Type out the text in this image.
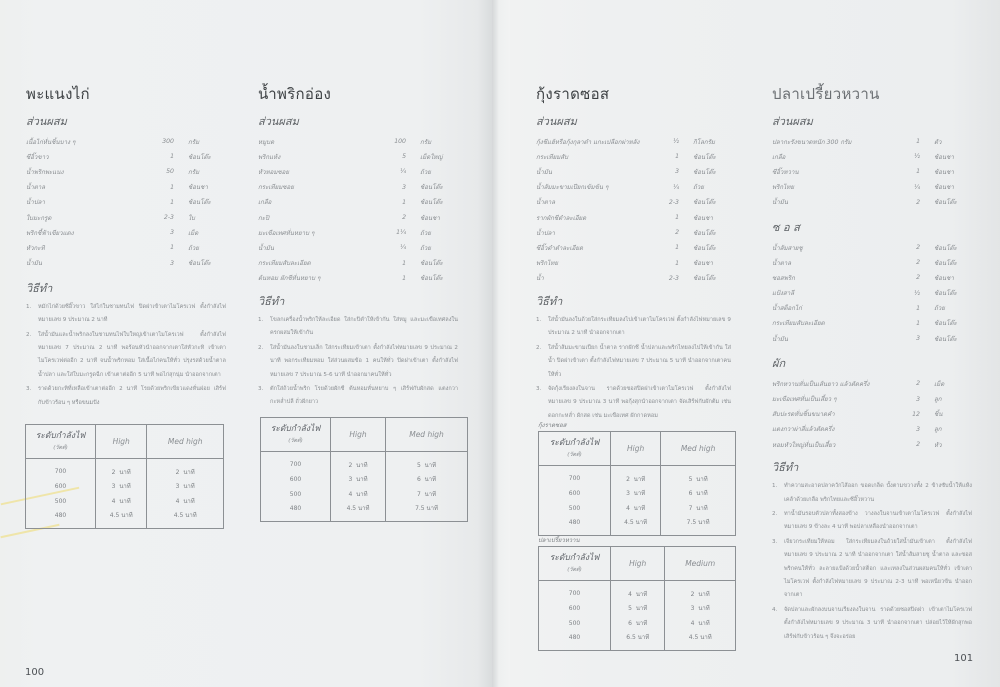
พะแนงไก่
ส่วนผสม
เนื้อไก่หั่นชิ้นบาง ๆ	300	กรัม
ซีอิ๊วขาว	1	ช้อนโต๊ะ
น้ำพริกพะแนง	50	กรัม
น้ำตาล	1	ช้อนชา
น้ำปลา	1	ช้อนโต๊ะ
ใบมะกรูด	2-3	ใบ
พริกชี้ฟ้าเขียวแดง	3	เม็ด
หัวกะทิ	1	ถ้วย
น้ำมัน	3	ช้อนโต๊ะ
วิธีทำ
1.	หมักไก่ด้วยซีอิ๊วขาว ใส่ไก่ในชามทนไฟ ปิดฝาเข้าเตาไมโครเวฟ ตั้งกำลังไฟหมายเลข 9 ประมาณ 2 นาที
2.	ใส่น้ำมันและน้ำพริกลงในชามทนไฟใบใหญ่เข้าเตาไมโครเวฟ ตั้งกำลังไฟหมายเลข 7 ประมาณ 2 นาที พอร้อนหัวนำออกจากเตาใส่หัวกะทิ เข้าเตาไมโครเวฟต่ออีก 2 นาที จนน้ำพริกหอม ใส่เนื้อไก่คนให้ทั่ว ปรุงรสด้วยน้ำตาล น้ำปลา และใส่ใบมะกรูดฉีก เข้าเตาต่ออีก 5 นาที พอไก่สุกนุ่ม นำออกจากเตา
3.	ราดด้วยกะทิที่เหลือเข้าเตาต่ออีก 2 นาที โรยด้วยพริกเขียวแดงหั่นฝอย เสิร์ฟกับข้าวร้อน ๆ หรือขนมปัง
ระดับกำลังไฟ
(วัตต์)	High	Med high
700	2 นาที	2 นาที
600	3 นาที	3 นาที
500	4 นาที	4 นาที
480	4.5 นาที	4.5 นาที
น้ำพริกอ่อง
ส่วนผสม
หมูบด	100	กรัม
พริกแห้ง	5	เม็ดใหญ่
หัวหอมซอย	¼	ถ้วย
กระเทียมซอย	3	ช้อนโต๊ะ
เกลือ	1	ช้อนโต๊ะ
กะปิ	2	ช้อนชา
มะเขือเทศหั่นหยาบ ๆ	1¼	ถ้วย
น้ำมัน	¼	ถ้วย
กระเทียมสับละเอียด	1	ช้อนโต๊ะ
ต้นหอม ผักชีหั่นหยาบ ๆ	1	ช้อนโต๊ะ
วิธีทำ
1.	โขลกเครื่องน้ำพริกให้ละเอียด ใส่กะปิตำให้เข้ากัน ใส่หมู และมะเขือเทศลงในครกผสมให้เข้ากัน
2.	ใส่น้ำมันลงในชามเล็ก ใส่กระเทียมเข้าเตา ตั้งกำลังไฟหมายเลข 9 ประมาณ 2 นาที พอกระเทียมหอม ใส่ส่วนผสมข้อ 1 คนให้ทั่ว ปิดฝาเข้าเตา ตั้งกำลังไฟหมายเลข 7 ประมาณ 5-6 นาที นำออกมาคนให้ทั่ว
3.	ตักใส่ถ้วยน้ำพริก โรยด้วยผักชี ต้นหอมหั่นหยาบ ๆ เสิร์ฟกับผักสด แตงกวา กะหล่ำปลี ถั่วฝักยาว
ระดับกำลังไฟ
(วัตต์)	High	Med high
700	2 นาที	5 นาที
600	3 นาที	6 นาที
500	4 นาที	7 นาที
480	4.5 นาที	7.5 นาที
100
กุ้งราดซอส
ส่วนผสม
กุ้งชีแฮ้หรือกุ้งกุลาดำ แกะเปลือกผ่าหลัง	½	กิโลกรัม
กระเทียมสับ	1	ช้อนโต๊ะ
น้ำมัน	3	ช้อนโต๊ะ
น้ำส้มมะขามเปียกเข้มข้น ๆ	¼	ถ้วย
น้ำตาล	2-3	ช้อนโต๊ะ
รากผักชีตำละเอียด	1	ช้อนชา
น้ำปลา	2	ช้อนโต๊ะ
ซีอิ๊วดำตำละเอียด	1	ช้อนโต๊ะ
พริกไทย	1	ช้อนชา
น้ำ	2-3	ช้อนโต๊ะ
วิธีทำ
1.	ใส่น้ำมันลงในถ้วยใส่กระเทียมลงไปเข้าเตาไมโครเวฟ ตั้งกำลังไฟหมายเลข 9 ประมาณ 2 นาที นำออกจากเตา
2.	ใส่น้ำส้มมะขามเปียก น้ำตาล รากผักชี น้ำปลาและพริกไทยลงไปให้เข้ากัน ใส่น้ำ ปิดฝาเข้าเตา ตั้งกำลังไฟหมายเลข 7 ประมาณ 5 นาที นำออกจากเตาคนให้ทั่ว
3.	จัดกุ้งเรียงลงในจาน ราดด้วยซอสปิดฝาเข้าเตาไมโครเวฟ ตั้งกำลังไฟหมายเลข 9 ประมาณ 3 นาที พอกุ้งสุกนำออกจากเตา จัดเสิร์ฟกับผักต้ม เช่น ดอกกะหล่ำ ผักสด เช่น มะเขือเทศ ผักกาดหอม
กุ้งราดซอส
ระดับกำลังไฟ
(วัตต์)	High	Med high
700	2 นาที	5 นาที
600	3 นาที	6 นาที
500	4 นาที	7 นาที
480	4.5 นาที	7.5 นาที
ปลาเปรี้ยวหวาน
ระดับกำลังไฟ
(วัตต์)	High	Medium
700	4 นาที	2 นาที
600	5 นาที	3 นาที
500	6 นาที	4 นาที
480	6.5 นาที	4.5 นาที
ปลาเปรี้ยวหวาน
ส่วนผสม
ปลากะรังขนาดหนัก 300 กรัม	1	ตัว
เกลือ	½	ช้อนชา
ซีอิ๊วหวาน	1	ช้อนชา
พริกไทย	¼	ช้อนชา
น้ำมัน	2	ช้อนโต๊ะ
ซ อ ส
น้ำส้มสายชู	2	ช้อนโต๊ะ
น้ำตาล	2	ช้อนโต๊ะ
ซอสพริก	2	ช้อนชา
แป้งสาลี	½	ช้อนโต๊ะ
น้ำสต็อกไก่	1	ถ้วย
กระเทียมสับละเอียด	1	ช้อนโต๊ะ
น้ำมัน	3	ช้อนโต๊ะ
ผัก
พริกหวานหั่นเป็นเส้นยาว แล้วตัดครึ่ง	2	เม็ด
มะเขือเทศหั่นเป็นเสี้ยว ๆ	3	ลูก
สับปะรดหั่นชิ้นขนาดคำ	12	ชิ้น
แตงกวาผ่าสี่แล้วตัดครึ่ง	3	ลูก
หอมหัวใหญ่หั่นเป็นเสี้ยว	2	หัว
วิธีทำ
1.	ทำความสะอาดปลาควักไส้ออก ขอดเกล็ด บั้งตามขวางทั้ง 2 ข้างซับน้ำให้แห้ง เคล้าด้วยเกลือ พริกไทยและซีอิ๊วหวาน
2.	ทาน้ำมันรอบตัวปลาทั้งสองข้าง วางลงในจานเข้าเตาไมโครเวฟ ตั้งกำลังไฟหมายเลข 9 ข้างละ 4 นาที พอปลาเหลืองนำออกจากเตา
3.	เจียวกระเทียมให้หอม ใส่กระเทียมลงในถ้วยใส่น้ำมันเข้าเตา ตั้งกำลังไฟหมายเลข 9 ประมาณ 2 นาที นำออกจากเตา ใส่น้ำส้มสายชู น้ำตาล และซอสพริกคนให้ทั่ว ละลายแป้งด้วยน้ำสต็อก และเทลงในส่วนผสมคนให้ทั่ว เข้าเตาไมโครเวฟ ตั้งกำลังไฟหมายเลข 9 ประมาณ 2-3 นาที พอเหนียวข้น นำออกจากเตา
4.	จัดปลาและผักลงบนจานเรียงลงในจาน ราดด้วยซอสปิดฝา เข้าเตาไมโครเวฟ ตั้งกำลังไฟหมายเลข 9 ประมาณ 3 นาที นำออกจากเตา ปล่อยไว้ให้ผักสุกพอ เสิร์ฟกับข้าวร้อน ๆ จึงจะอร่อย
101
